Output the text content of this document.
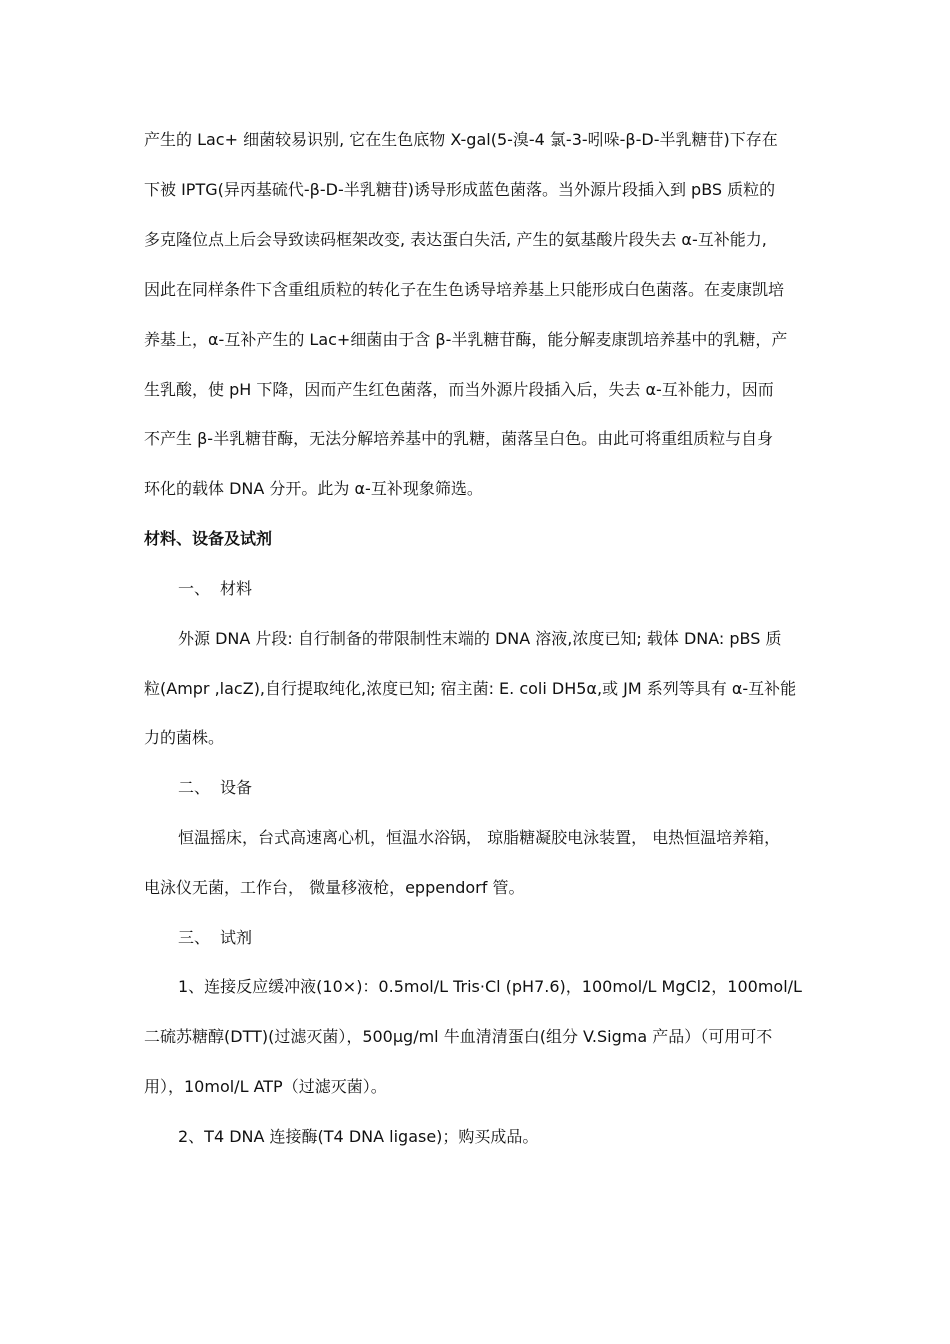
产生的 Lac+ 细菌较易识别, 它在生色底物 X-gal(5-溴-4 氯-3-吲哚-β-D-半乳糖苷)下存在
下被 IPTG(异丙基硫代-β-D-半乳糖苷)诱导形成蓝色菌落。当外源片段插入到 pBS 质粒的
多克隆位点上后会导致读码框架改变, 表达蛋白失活, 产生的氨基酸片段失去 α-互补能力,
因此在同样条件下含重组质粒的转化子在生色诱导培养基上只能形成白色菌落。在麦康凯培
养基上，α-互补产生的 Lac+细菌由于含 β-半乳糖苷酶，能分解麦康凯培养基中的乳糖，产
生乳酸，使 pH 下降，因而产生红色菌落，而当外源片段插入后，失去 α-互补能力，因而
不产生 β-半乳糖苷酶，无法分解培养基中的乳糖，菌落呈白色。由此可将重组质粒与自身
环化的载体 DNA 分开。此为 α-互补现象筛选。
材料、设备及试剂
一、 材料
外源 DNA 片段: 自行制备的带限制性末端的 DNA 溶液,浓度已知; 载体 DNA: pBS 质
粒(Ampr ,lacZ),自行提取纯化,浓度已知; 宿主菌: E. coli DH5α,或 JM 系列等具有 α-互补能
力的菌株。
二、 设备
恒温摇床，台式高速离心机，恒温水浴锅， 琼脂糖凝胶电泳装置， 电热恒温培养箱，
电泳仪无菌，工作台， 微量移液枪，eppendorf 管。
三、 试剂
1、连接反应缓冲液(10×)：0.5mol/L Tris·Cl (pH7.6)，100mol/L MgCl2，100mol/L
二硫苏糖醇(DTT)(过滤灭菌），500μg/ml 牛血清清蛋白(组分 V.Sigma 产品）（可用可不
用），10mol/L ATP（过滤灭菌）。
2、T4 DNA 连接酶(T4 DNA ligase)；购买成品。
